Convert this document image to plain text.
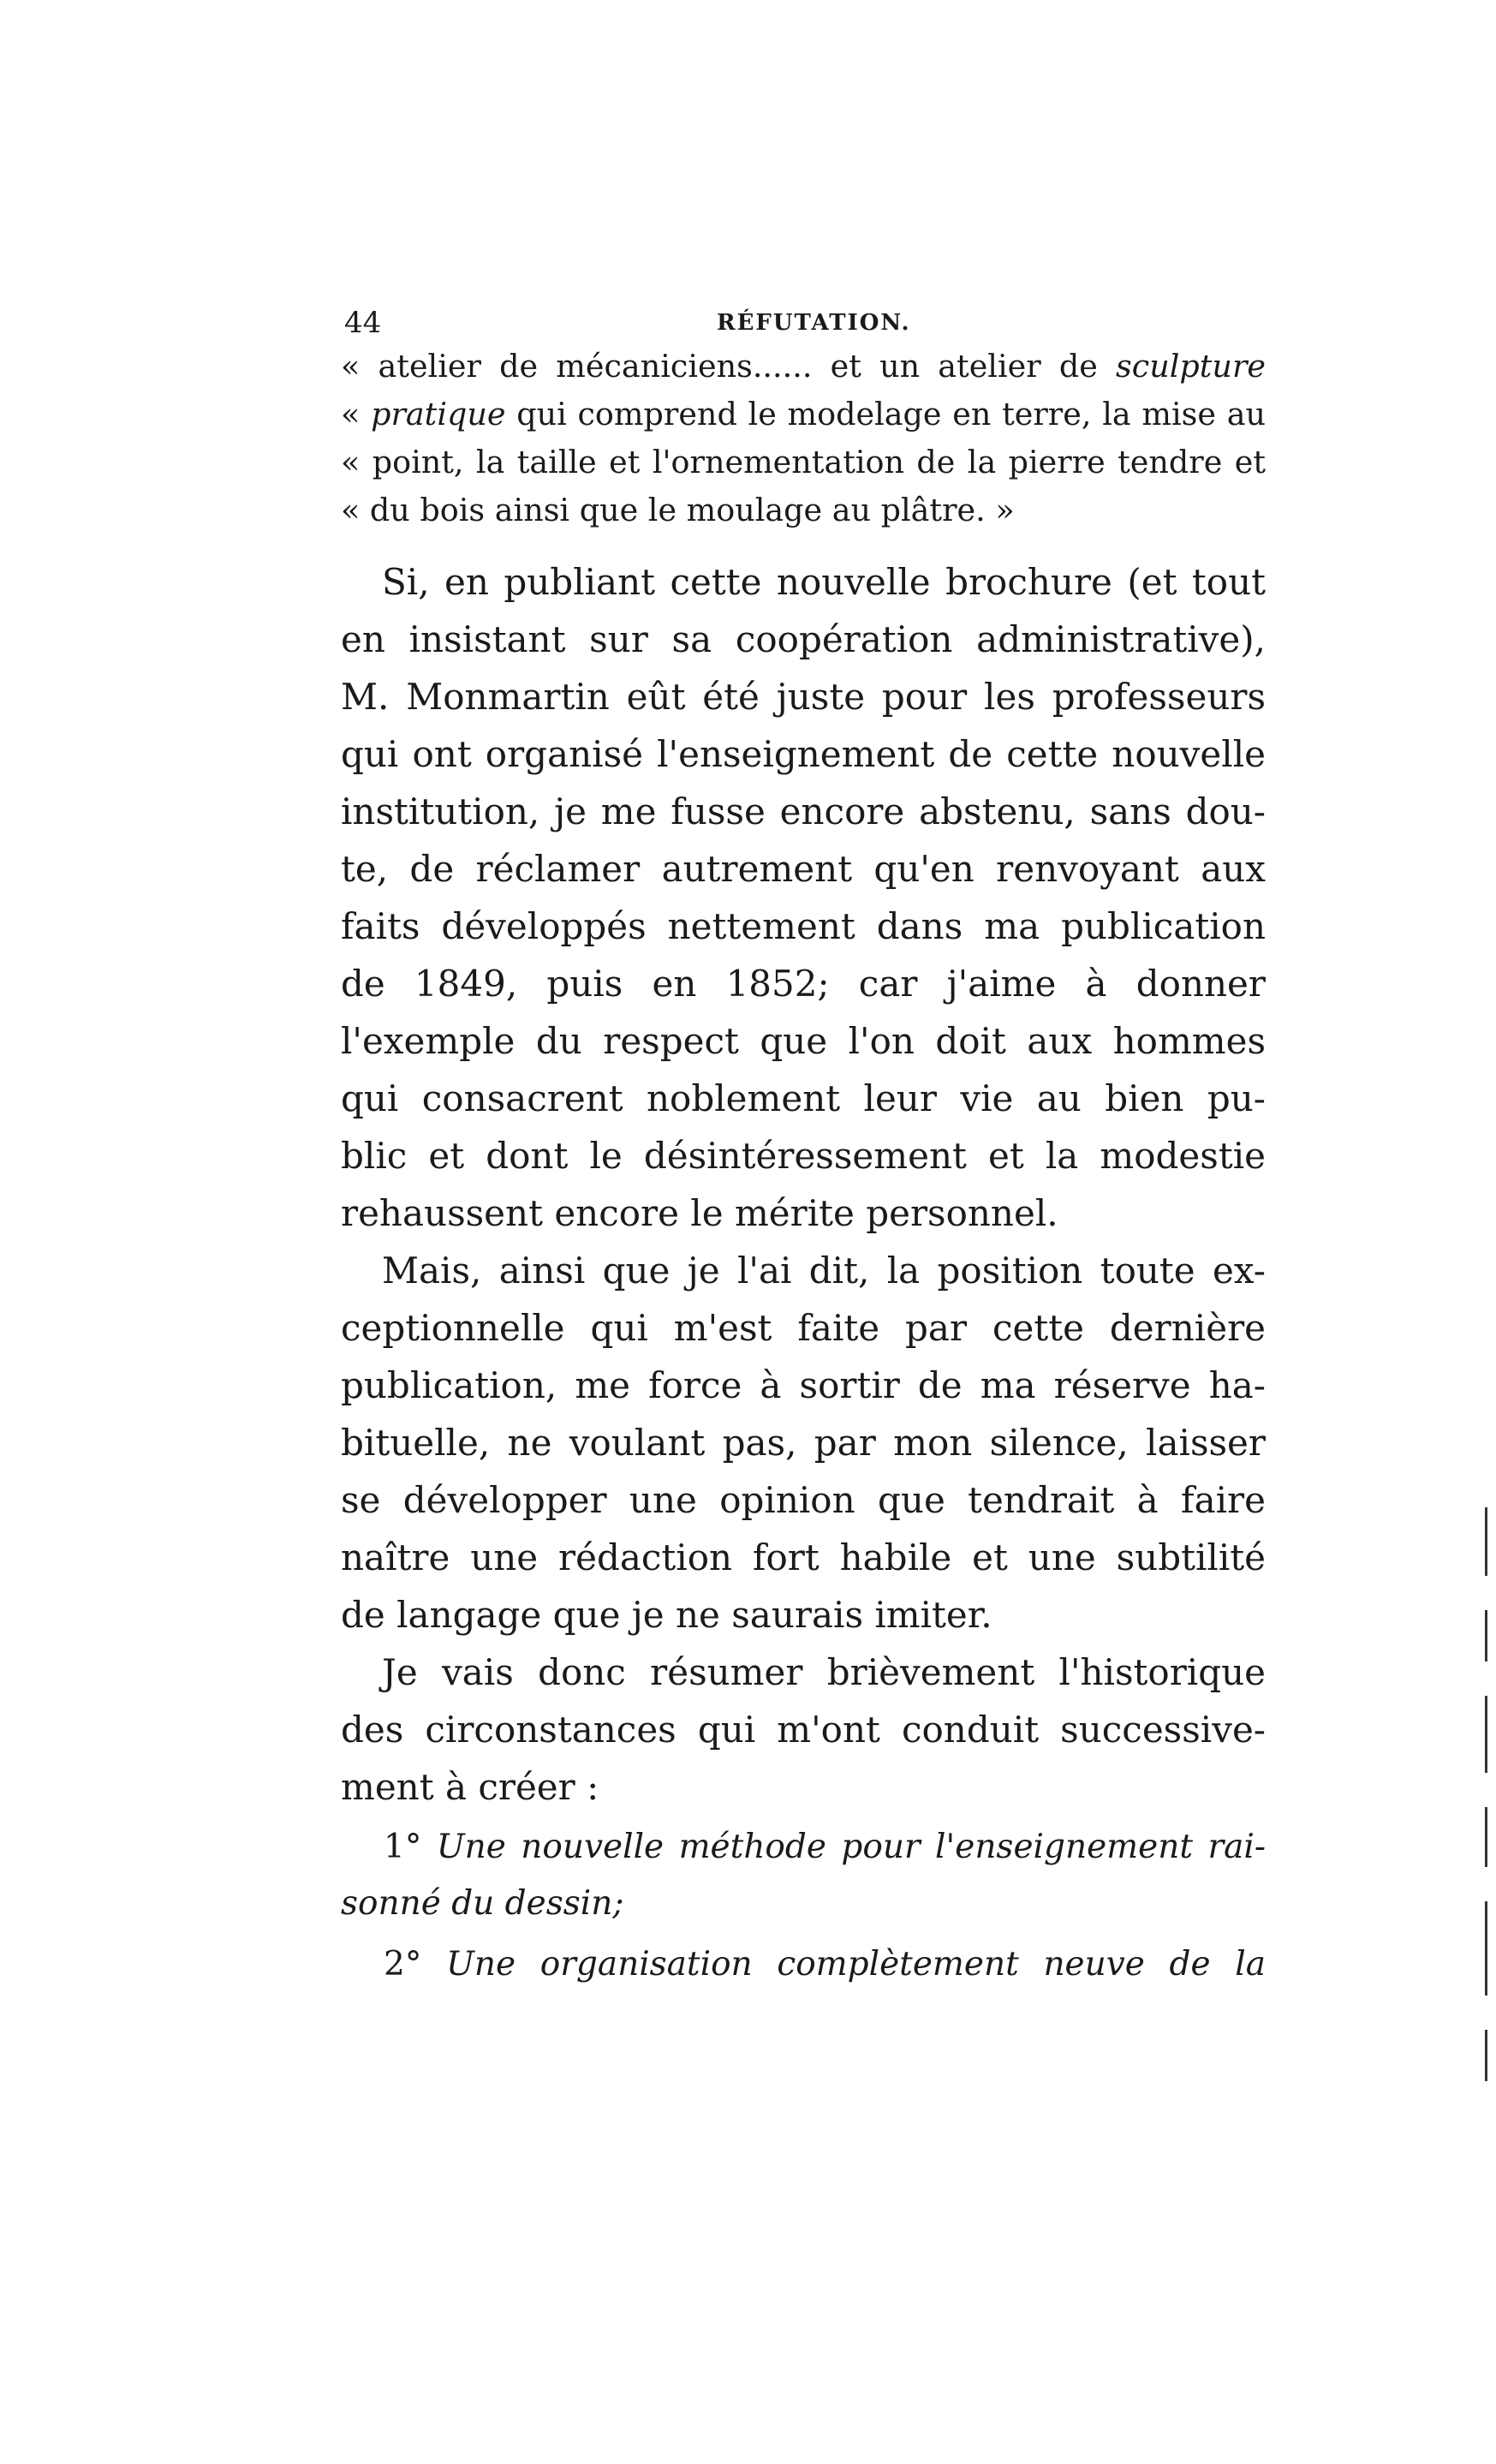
44	RÉFUTATION.
« atelier de mécaniciens...... et un atelier de sculpture
« pratique qui comprend le modelage en terre, la mise au
« point, la taille et l'ornementation de la pierre tendre et
« du bois ainsi que le moulage au plâtre. »
Si, en publiant cette nouvelle brochure (et tout
en insistant sur sa coopération administrative),
M. Monmartin eût été juste pour les professeurs
qui ont organisé l'enseignement de cette nouvelle
institution, je me fusse encore abstenu, sans dou-
te, de réclamer autrement qu'en renvoyant aux
faits développés nettement dans ma publication
de 1849, puis en 1852; car j'aime à donner
l'exemple du respect que l'on doit aux hommes
qui consacrent noblement leur vie au bien pu-
blic et dont le désintéressement et la modestie
rehaussent encore le mérite personnel.
Mais, ainsi que je l'ai dit, la position toute ex-
ceptionnelle qui m'est faite par cette dernière
publication, me force à sortir de ma réserve ha-
bituelle, ne voulant pas, par mon silence, laisser
se développer une opinion que tendrait à faire
naître une rédaction fort habile et une subtilité
de langage que je ne saurais imiter.
Je vais donc résumer brièvement l'historique
des circonstances qui m'ont conduit successive-
ment à créer :
1° Une nouvelle méthode pour l'enseignement rai-
sonné du dessin;
2° Une organisation complètement neuve de la
